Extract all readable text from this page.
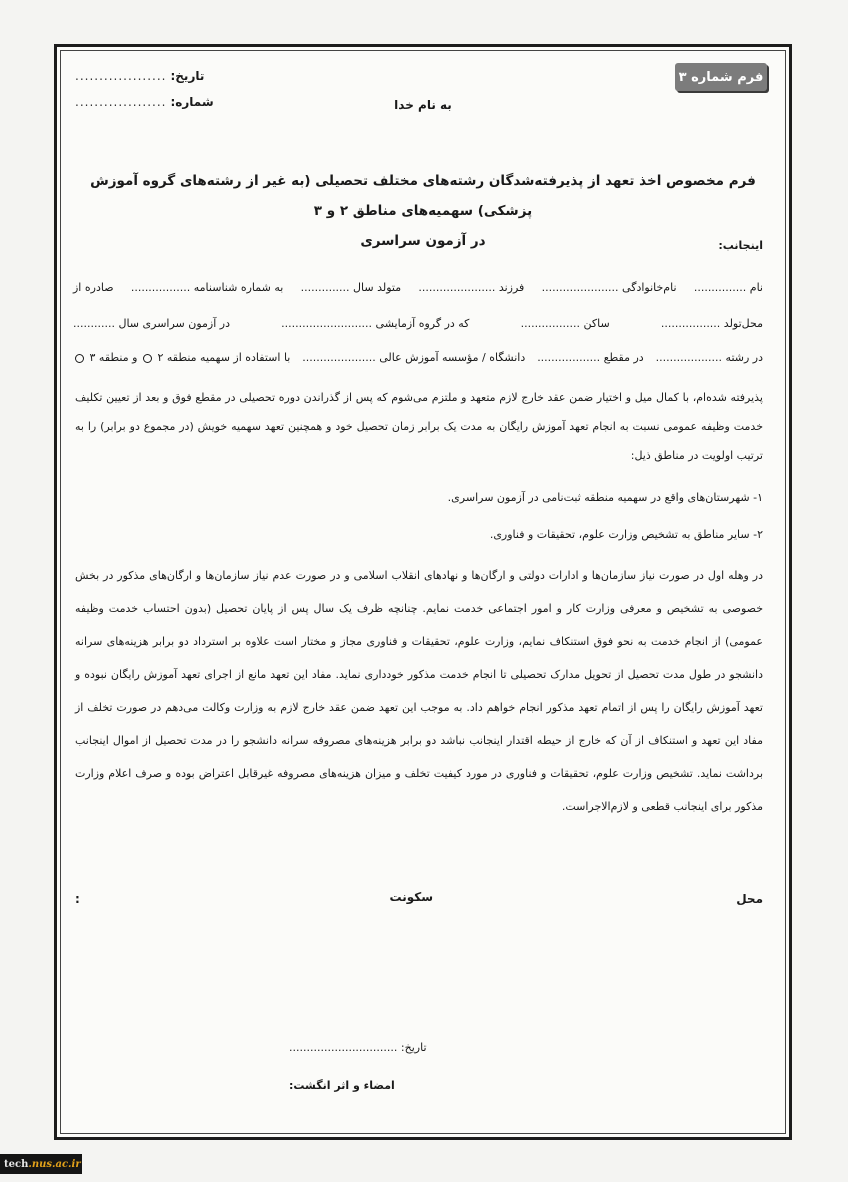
فرم شماره ۳
تاریخ:
...................
شماره:
...................	به نام خدا
فرم مخصوص اخذ تعهد از پذیرفته‌شدگان رشته‌های مختلف تحصیلی (به غیر از رشته‌های گروه آموزش پزشکی) سهمیه‌های مناطق ۲ و ۳
در آزمون سراسری	اینجانب:
نام ...............
نام‌خانوادگی ......................
فرزند ......................
متولد سال ..............
به شماره شناسنامه .................
صادره از
محل‌تولد .................
ساکن .................
که در گروه آزمایشی ..........................
در آزمون سراسری سال ............
در رشته ...................
در مقطع ..................
دانشگاه / مؤسسه آموزش عالی .....................
با استفاده از سهمیه منطقه ۲  و منطقه ۳
پذیرفته شده‌ام، با کمال میل و اختیار ضمن عقد خارج لازم متعهد و ملتزم می‌شوم که پس از گذراندن دوره تحصیلی در مقطع فوق و بعد از تعیین تکلیف خدمت وظیفه عمومی نسبت به انجام تعهد آموزش رایگان به مدت یک برابر زمان تحصیل خود و همچنین تعهد سهمیه خویش (در مجموع دو برابر) را به ترتیب اولویت در مناطق ذیل:
۱- شهرستان‌های واقع در سهمیه منطقه ثبت‌نامی در آزمون سراسری.
۲- سایر مناطق به تشخیص وزارت علوم، تحقیقات و فناوری.
در وهله اول در صورت نیاز سازمان‌ها و ادارات دولتی و ارگان‌ها و نهادهای انقلاب اسلامی و در صورت عدم نیاز سازمان‌ها و ارگان‌های مذکور در بخش خصوصی به تشخیص و معرفی وزارت کار و امور اجتماعی خدمت نمایم. چنانچه ظرف یک سال پس از پایان تحصیل (بدون احتساب خدمت وظیفه عمومی) از انجام خدمت به نحو فوق استنکاف نمایم، وزارت علوم، تحقیقات و فناوری مجاز و مختار است علاوه بر استرداد دو برابر هزینه‌های سرانه دانشجو در طول مدت تحصیل از تحویل مدارک تحصیلی تا انجام خدمت مذکور خودداری نماید. مفاد این تعهد مانع از اجرای تعهد آموزش رایگان نبوده و تعهد آموزش رایگان را پس از اتمام تعهد مذکور انجام خواهم داد. به موجب این تعهد ضمن عقد خارج لازم به وزارت وکالت می‌دهم در صورت تخلف از مفاد این تعهد و استنکاف از آن که خارج از حیطه اقتدار اینجانب نباشد دو برابر هزینه‌های مصروفه سرانه دانشجو را در مدت تحصیل از اموال اینجانب برداشت نماید. تشخیص وزارت علوم، تحقیقات و فناوری در مورد کیفیت تخلف و میزان هزینه‌های مصروفه غیرقابل اعتراض بوده و صرف اعلام وزارت مذکور برای اینجانب قطعی و لازم‌الاجراست.
محل
سکونت
:
تاریخ: ...............................
امضاء و اثر انگشت:
tech .nus.ac.ir
